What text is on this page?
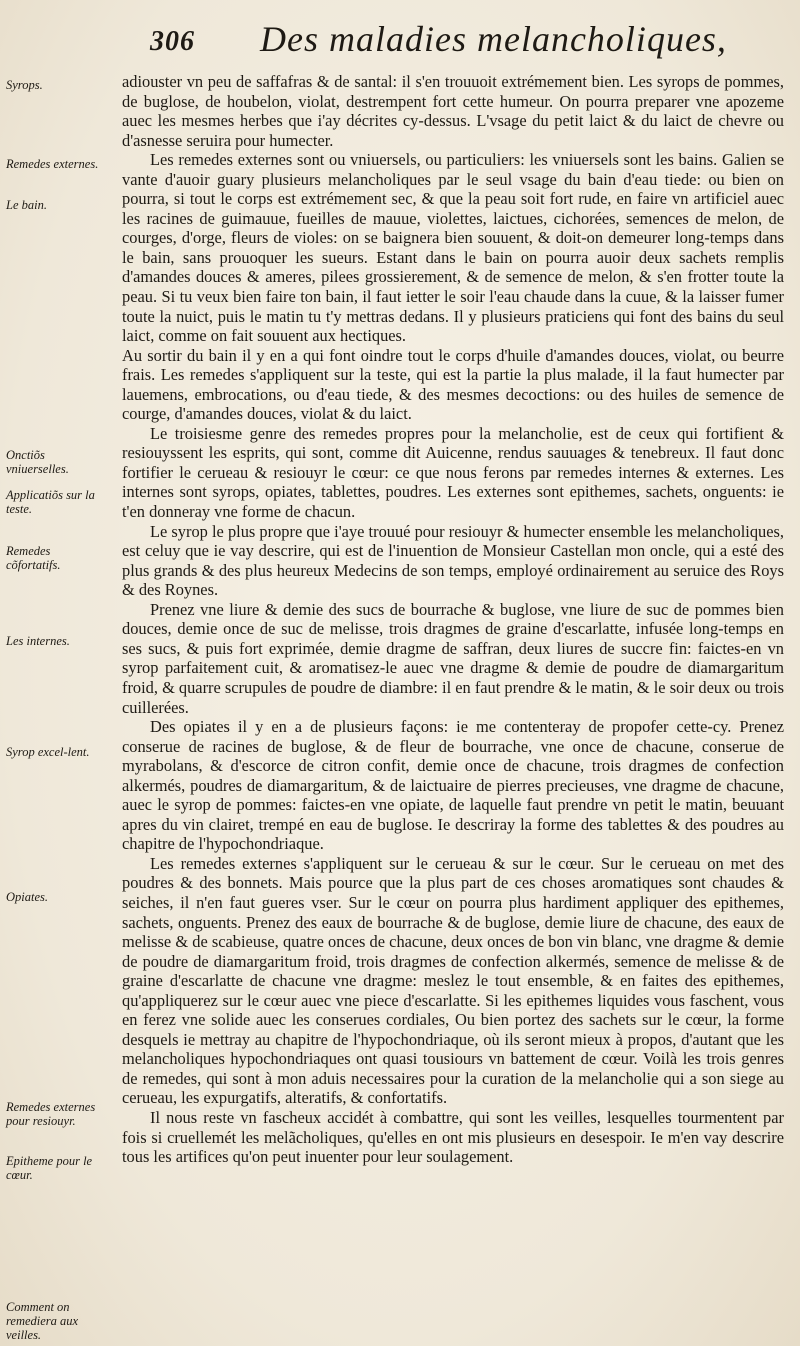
306 Des maladies melancholiques,
Syrops.
Remedes externes.
Le bain.
Onctiõs vniuerselles.
Applicatiõs sur la teste.
Remedes cõfortatifs.
Les internes.
Syrop excel-lent.
Opiates.
Remedes externes pour resiouyr.
Epitheme pour le cœur.
Comment on remediera aux veilles.

adiouster vn peu de saffafras & de santal: il s'en trouuoit extrémement bien. Les syrops de pommes, de buglose, de houbelon, violat, destrempent fort cette humeur. On pourra preparer vne apozeme auec les mesmes herbes que i'ay décrites cy-dessus. L'vsage du petit laict & du laict de chevre ou d'asnesse seruira pour humecter.

Les remedes externes sont ou vniuersels, ou particuliers: les vniuersels sont les bains. Galien se vante d'auoir guary plusieurs melancholiques par le seul vsage du bain d'eau tiede: ou bien on pourra, si tout le corps est extrémement sec, & que la peau soit fort rude, en faire vn artificiel auec les racines de guimauue, fueilles de mauue, violettes, laictues, cichorées, semences de melon, de courges, d'orge, fleurs de violes: on se baignera bien souuent, & doit-on demeurer long-temps dans le bain, sans prouoquer les sueurs. Estant dans le bain on pourra auoir deux sachets remplis d'amandes douces & ameres, pilees grossierement, & de semence de melon, & s'en frotter toute la peau. Si tu veux bien faire ton bain, il faut ietter le soir l'eau chaude dans la cuue, & la laisser fumer toute la nuict, puis le matin tu t'y mettras dedans. Il y plusieurs praticiens qui font des bains du seul laict, comme on fait souuent aux hectiques.

Au sortir du bain il y en a qui font oindre tout le corps d'huile d'amandes douces, violat, ou beurre frais. Les remedes s'appliquent sur la teste, qui est la partie la plus malade, il la faut humecter par lauemens, embrocations, ou d'eau tiede, & des mesmes decoctions: ou des huiles de semence de courge, d'amandes douces, violat & du laict.

Le troisiesme genre des remedes propres pour la melancholie, est de ceux qui fortifient & resiouyssent les esprits, qui sont, comme dit Auicenne, rendus sauuages & tenebreux. Il faut donc fortifier le cerueau & resiouyr le cœur: ce que nous ferons par remedes internes & externes. Les internes sont syrops, opiates, tablettes, poudres. Les externes sont epithemes, sachets, onguents: ie t'en donneray vne forme de chacun.

Le syrop le plus propre que i'aye trouué pour resiouyr & humecter ensemble les melancholiques, est celuy que ie vay descrire, qui est de l'inuention de Monsieur Castellan mon oncle, qui a esté des plus grands & des plus heureux Medecins de son temps, employé ordinairement au seruice des Roys & des Roynes.

Prenez vne liure & demie des sucs de bourrache & buglose, vne liure de suc de pommes bien douces, demie once de suc de melisse, trois dragmes de graine d'escarlatte, infusée long-temps en ses sucs, & puis fort exprimée, demie dragme de saffran, deux liures de succre fin: faictes-en vn syrop parfaitement cuit, & aromatisez-le auec vne dragme & demie de poudre de diamargaritum froid, & quarre scrupules de poudre de diambre: il en faut prendre & le matin, & le soir deux ou trois cuillerées.

Des opiates il y en a de plusieurs façons: ie me contenteray de propofer cette-cy. Prenez conserue de racines de buglose, & de fleur de bourrache, vne once de chacune, conserue de myrabolans, & d'escorce de citron confit, demie once de chacune, trois dragmes de confection alkermés, poudres de diamargaritum, & de laictuaire de pierres precieuses, vne dragme de chacune, auec le syrop de pommes: faictes-en vne opiate, de laquelle faut prendre vn petit le matin, beuuant apres du vin clairet, trempé en eau de buglose. Ie descriray la forme des tablettes & des poudres au chapitre de l'hypochondriaque.

Les remedes externes s'appliquent sur le cerueau & sur le cœur. Sur le cerueau on met des poudres & des bonnets. Mais pource que la plus part de ces choses aromatiques sont chaudes & seiches, il n'en faut gueres vser. Sur le cœur on pourra plus hardiment appliquer des epithemes, sachets, onguents. Prenez des eaux de bourrache & de buglose, demie liure de chacune, des eaux de melisse & de scabieuse, quatre onces de chacune, deux onces de bon vin blanc, vne dragme & demie de poudre de diamargaritum froid, trois dragmes de confection alkermés, semence de melisse & de graine d'escarlatte de chacune vne dragme: meslez le tout ensemble, & en faites des epithemes, qu'appliquerez sur le cœur auec vne piece d'escarlatte. Si les epithemes liquides vous faschent, vous en ferez vne solide auec les conserues cordiales, Ou bien portez des sachets sur le cœur, la forme desquels ie mettray au chapitre de l'hypochondriaque, où ils seront mieux à propos, d'autant que les melancholiques hypochondriaques ont quasi tousiours vn battement de cœur. Voilà les trois genres de remedes, qui sont à mon aduis necessaires pour la curation de la melancholie qui a son siege au cerueau, les expurgatifs, alteratifs, & confortatifs.

Il nous reste vn fascheux accidét à combattre, qui sont les veilles, lesquelles tourmentent par fois si cruellemét les melãcholiques, qu'elles en ont mis plusieurs en desespoir. Ie m'en vay descrire tous les artifices qu'on peut inuenter pour leur soulagement.
